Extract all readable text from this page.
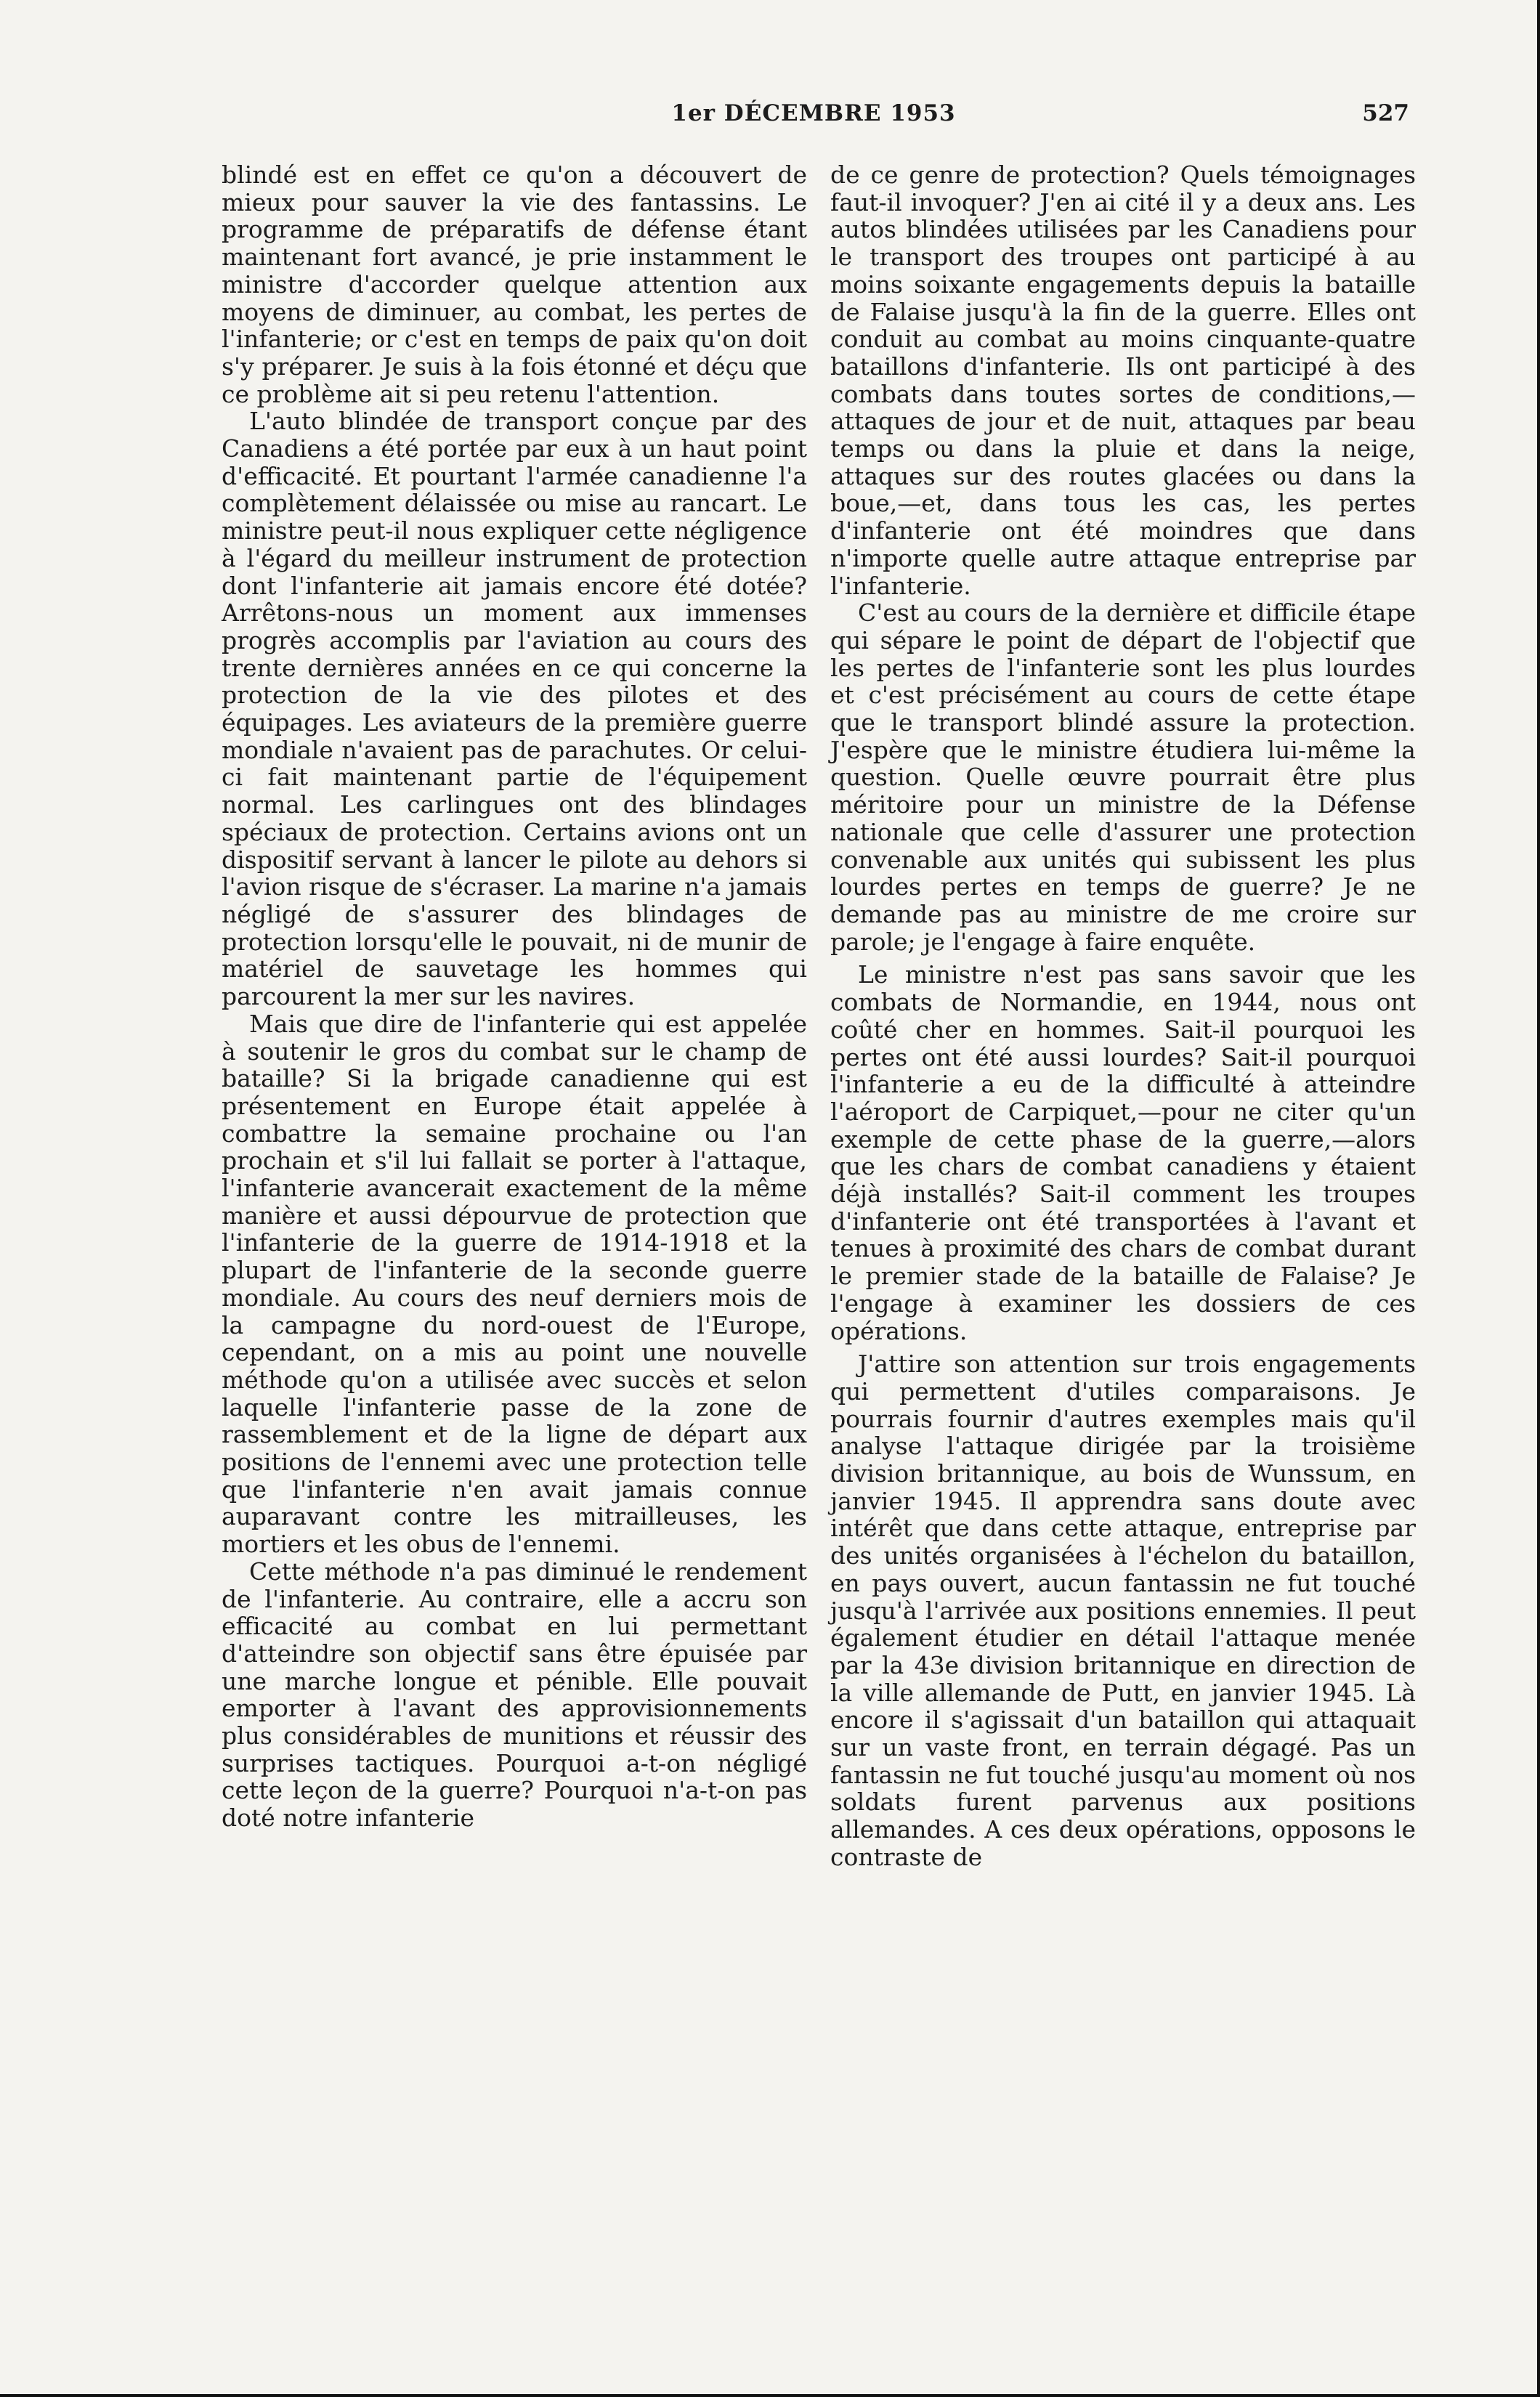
1er DÉCEMBRE 1953	527

blindé est en effet ce qu'on a découvert de mieux pour sauver la vie des fantassins. Le programme de préparatifs de défense étant maintenant fort avancé, je prie instamment le ministre d'accorder quelque attention aux moyens de diminuer, au combat, les pertes de l'infanterie; or c'est en temps de paix qu'on doit s'y préparer. Je suis à la fois étonné et déçu que ce problème ait si peu retenu l'attention.

L'auto blindée de transport conçue par des Canadiens a été portée par eux à un haut point d'efficacité. Et pourtant l'armée canadienne l'a complètement délaissée ou mise au rancart. Le ministre peut-il nous expliquer cette négligence à l'égard du meilleur instrument de protection dont l'infanterie ait jamais encore été dotée? Arrêtons-nous un moment aux immenses progrès accomplis par l'aviation au cours des trente dernières années en ce qui concerne la protection de la vie des pilotes et des équipages. Les aviateurs de la première guerre mondiale n'avaient pas de parachutes. Or celui-ci fait maintenant partie de l'équipement normal. Les carlingues ont des blindages spéciaux de protection. Certains avions ont un dispositif servant à lancer le pilote au dehors si l'avion risque de s'écraser. La marine n'a jamais négligé de s'assurer des blindages de protection lorsqu'elle le pouvait, ni de munir de matériel de sauvetage les hommes qui parcourent la mer sur les navires.

Mais que dire de l'infanterie qui est appelée à soutenir le gros du combat sur le champ de bataille? Si la brigade canadienne qui est présentement en Europe était appelée à combattre la semaine prochaine ou l'an prochain et s'il lui fallait se porter à l'attaque, l'infanterie avancerait exactement de la même manière et aussi dépourvue de protection que l'infanterie de la guerre de 1914-1918 et la plupart de l'infanterie de la seconde guerre mondiale. Au cours des neuf derniers mois de la campagne du nord-ouest de l'Europe, cependant, on a mis au point une nouvelle méthode qu'on a utilisée avec succès et selon laquelle l'infanterie passe de la zone de rassemblement et de la ligne de départ aux positions de l'ennemi avec une protection telle que l'infanterie n'en avait jamais connue auparavant contre les mitrailleuses, les mortiers et les obus de l'ennemi.

Cette méthode n'a pas diminué le rendement de l'infanterie. Au contraire, elle a accru son efficacité au combat en lui permettant d'atteindre son objectif sans être épuisée par une marche longue et pénible. Elle pouvait emporter à l'avant des approvisionnements plus considérables de munitions et réussir des surprises tactiques. Pourquoi a-t-on négligé cette leçon de la guerre? Pourquoi n'a-t-on pas doté notre infanterie

de ce genre de protection? Quels témoignages faut-il invoquer? J'en ai cité il y a deux ans. Les autos blindées utilisées par les Canadiens pour le transport des troupes ont participé à au moins soixante engagements depuis la bataille de Falaise jusqu'à la fin de la guerre. Elles ont conduit au combat au moins cinquante-quatre bataillons d'infanterie. Ils ont participé à des combats dans toutes sortes de conditions,—attaques de jour et de nuit, attaques par beau temps ou dans la pluie et dans la neige, attaques sur des routes glacées ou dans la boue,—et, dans tous les cas, les pertes d'infanterie ont été moindres que dans n'importe quelle autre attaque entreprise par l'infanterie.

C'est au cours de la dernière et difficile étape qui sépare le point de départ de l'objectif que les pertes de l'infanterie sont les plus lourdes et c'est précisément au cours de cette étape que le transport blindé assure la protection. J'espère que le ministre étudiera lui-même la question. Quelle œuvre pourrait être plus méritoire pour un ministre de la Défense nationale que celle d'assurer une protection convenable aux unités qui subissent les plus lourdes pertes en temps de guerre? Je ne demande pas au ministre de me croire sur parole; je l'engage à faire enquête.

Le ministre n'est pas sans savoir que les combats de Normandie, en 1944, nous ont coûté cher en hommes. Sait-il pourquoi les pertes ont été aussi lourdes? Sait-il pourquoi l'infanterie a eu de la difficulté à atteindre l'aéroport de Carpiquet,—pour ne citer qu'un exemple de cette phase de la guerre,—alors que les chars de combat canadiens y étaient déjà installés? Sait-il comment les troupes d'infanterie ont été transportées à l'avant et tenues à proximité des chars de combat durant le premier stade de la bataille de Falaise? Je l'engage à examiner les dossiers de ces opérations.

J'attire son attention sur trois engagements qui permettent d'utiles comparaisons. Je pourrais fournir d'autres exemples mais qu'il analyse l'attaque dirigée par la troisième division britannique, au bois de Wunssum, en janvier 1945. Il apprendra sans doute avec intérêt que dans cette attaque, entreprise par des unités organisées à l'échelon du bataillon, en pays ouvert, aucun fantassin ne fut touché jusqu'à l'arrivée aux positions ennemies. Il peut également étudier en détail l'attaque menée par la 43e division britannique en direction de la ville allemande de Putt, en janvier 1945. Là encore il s'agissait d'un bataillon qui attaquait sur un vaste front, en terrain dégagé. Pas un fantassin ne fut touché jusqu'au moment où nos soldats furent parvenus aux positions allemandes. A ces deux opérations, opposons le contraste de
